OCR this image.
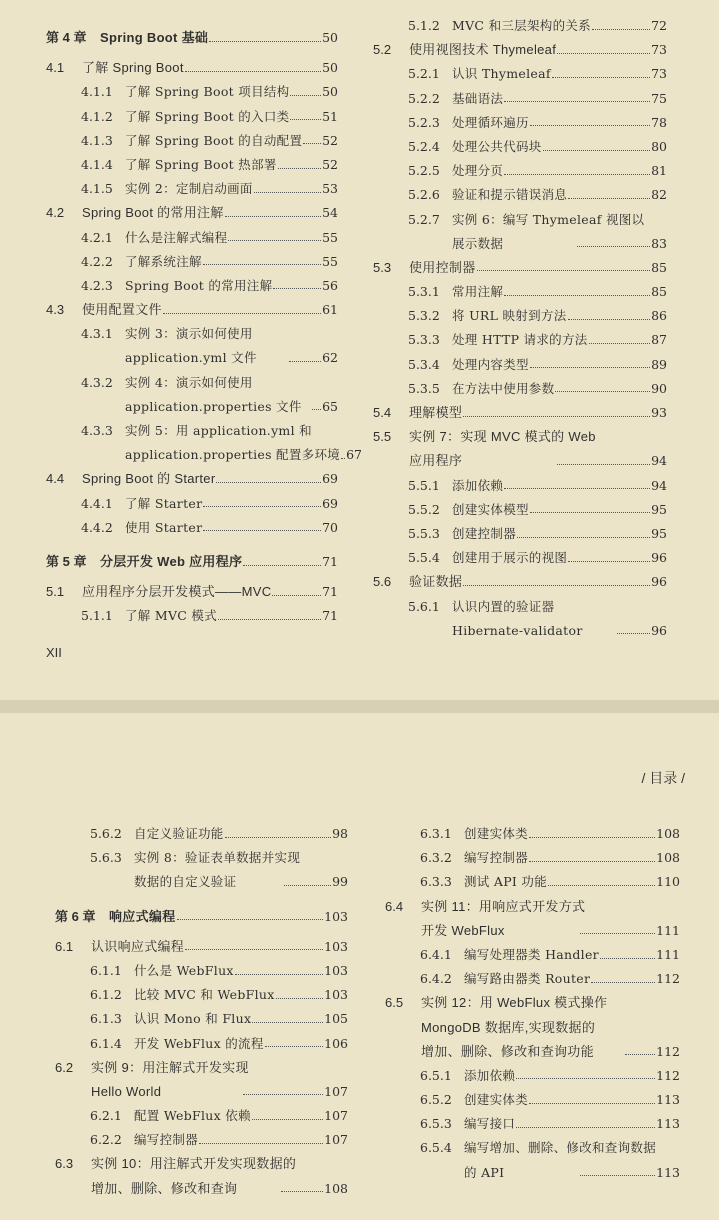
第 4 章	Spring Boot 基础	50
4.1	了解 Spring Boot	50
4.1.1 了解 Spring Boot 项目结构	50
4.1.2 了解 Spring Boot 的入口类	51
4.1.3 了解 Spring Boot 的自动配置 52
4.1.4 了解 Spring Boot 热部署	52
4.1.5 实例 2：定制启动画面	53
4.2	Spring Boot 的常用注解	54
4.2.1 什么是注解式编程	55
4.2.2 了解系统注解	55
4.2.3 Spring Boot 的常用注解	56
4.3	使用配置文件	61
4.3.1 实例 3：演示如何使用
application.yml 文件	62
4.3.2 实例 4：演示如何使用
application.properties 文件	65
4.3.3 实例 5：用 application.yml 和
application.properties 配置多环境 67
4.4	Spring Boot 的 Starter	69
4.4.1 了解 Starter	69
4.4.2 使用 Starter	70
第 5 章	分层开发 Web 应用程序	71
5.1	应用程序分层开发模式——MVC	71
5.1.1 了解 MVC 模式	71
5.1.2 MVC 和三层架构的关系	72
5.2	使用视图技术 Thymeleaf	73
5.2.1 认识 Thymeleaf	73
5.2.2 基础语法	75
5.2.3 处理循环遍历	78
5.2.4 处理公共代码块	80
5.2.5 处理分页	81
5.2.6 验证和提示错误消息	82
5.2.7 实例 6：编写 Thymeleaf 视图以
展示数据	83
5.3	使用控制器	85
5.3.1 常用注解	85
5.3.2 将 URL 映射到方法	86
5.3.3 处理 HTTP 请求的方法	87
5.3.4 处理内容类型	89
5.3.5 在方法中使用参数	90
5.4	理解模型	93
5.5	实例 7：实现 MVC 模式的 Web
应用程序	94
5.5.1 添加依赖	94
5.5.2 创建实体模型	95
5.5.3 创建控制器	95
5.5.4 创建用于展示的视图	96
5.6	验证数据	96
5.6.1 认识内置的验证器
Hibernate-validator	96
XII
/ 目录 /
5.6.2 自定义验证功能	98
5.6.3 实例 8：验证表单数据并实现
数据的自定义验证	99
第 6 章	响应式编程	103
6.1	认识响应式编程	103
6.1.1 什么是 WebFlux	103
6.1.2 比较 MVC 和 WebFlux	103
6.1.3 认识 Mono 和 Flux	105
6.1.4 开发 WebFlux 的流程	106
6.2	实例 9：用注解式开发实现
Hello World	107
6.2.1 配置 WebFlux 依赖	107
6.2.2 编写控制器	107
6.3	实例 10：用注解式开发实现数据的
增加、删除、修改和查询	108
6.3.1 创建实体类	108
6.3.2 编写控制器	108
6.3.3 测试 API 功能	110
6.4	实例 11：用响应式开发方式
开发 WebFlux	111
6.4.1 编写处理器类 Handler	111
6.4.2 编写路由器类 Router	112
6.5	实例 12：用 WebFlux 模式操作
MongoDB 数据库,实现数据的
增加、删除、修改和查询功能	112
6.5.1 添加依赖	112
6.5.2 创建实体类	113
6.5.3 编写接口	113
6.5.4 编写增加、删除、修改和查询数据
的 API	113
